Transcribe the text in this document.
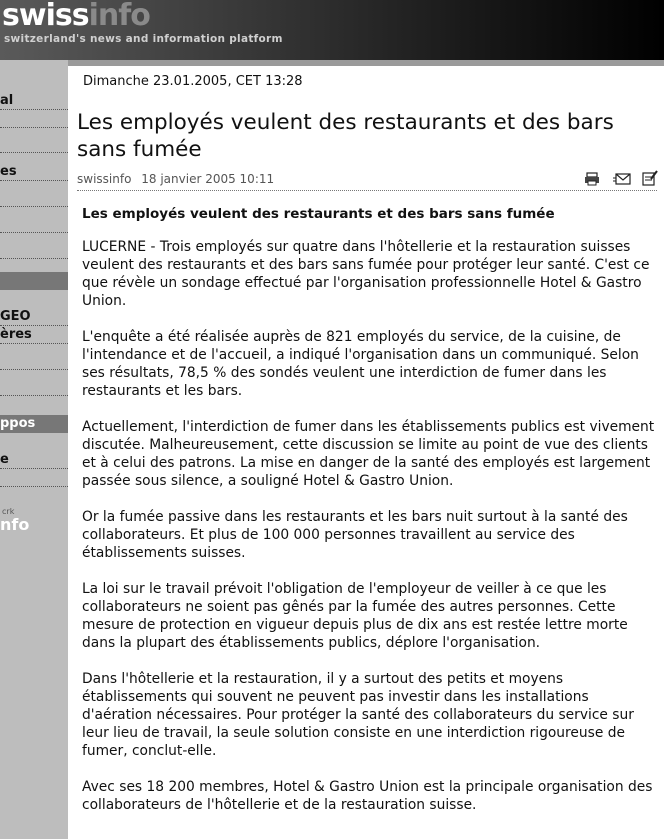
swissinfo
switzerland's news and information platform
al
es
GEO
ères
ppos
e
crk
nfo
Dimanche 23.01.2005, CET 13:28
Les employés veulent des restaurants et des bars sans fumée
swissinfo 18 janvier 2005 10:11

Les employés veulent des restaurants et des bars sans fumée

LUCERNE - Trois employés sur quatre dans l'hôtellerie et la restauration suisses veulent des restaurants et des bars sans fumée pour protéger leur santé. C'est ce que révèle un sondage effectué par l'organisation professionnelle Hotel & Gastro Union.

L'enquête a été réalisée auprès de 821 employés du service, de la cuisine, de l'intendance et de l'accueil, a indiqué l'organisation dans un communiqué. Selon ses résultats, 78,5 % des sondés veulent une interdiction de fumer dans les restaurants et les bars.

Actuellement, l'interdiction de fumer dans les établissements publics est vivement discutée. Malheureusement, cette discussion se limite au point de vue des clients et à celui des patrons. La mise en danger de la santé des employés est largement passée sous silence, a souligné Hotel & Gastro Union.

Or la fumée passive dans les restaurants et les bars nuit surtout à la santé des collaborateurs. Et plus de 100 000 personnes travaillent au service des établissements suisses.

La loi sur le travail prévoit l'obligation de l'employeur de veiller à ce que les collaborateurs ne soient pas gênés par la fumée des autres personnes. Cette mesure de protection en vigueur depuis plus de dix ans est restée lettre morte dans la plupart des établissements publics, déplore l'organisation.

Dans l'hôtellerie et la restauration, il y a surtout des petits et moyens établissements qui souvent ne peuvent pas investir dans les installations d'aération nécessaires. Pour protéger la santé des collaborateurs du service sur leur lieu de travail, la seule solution consiste en une interdiction rigoureuse de fumer, conclut-elle.

Avec ses 18 200 membres, Hotel & Gastro Union est la principale organisation des collaborateurs de l'hôtellerie et de la restauration suisse.
